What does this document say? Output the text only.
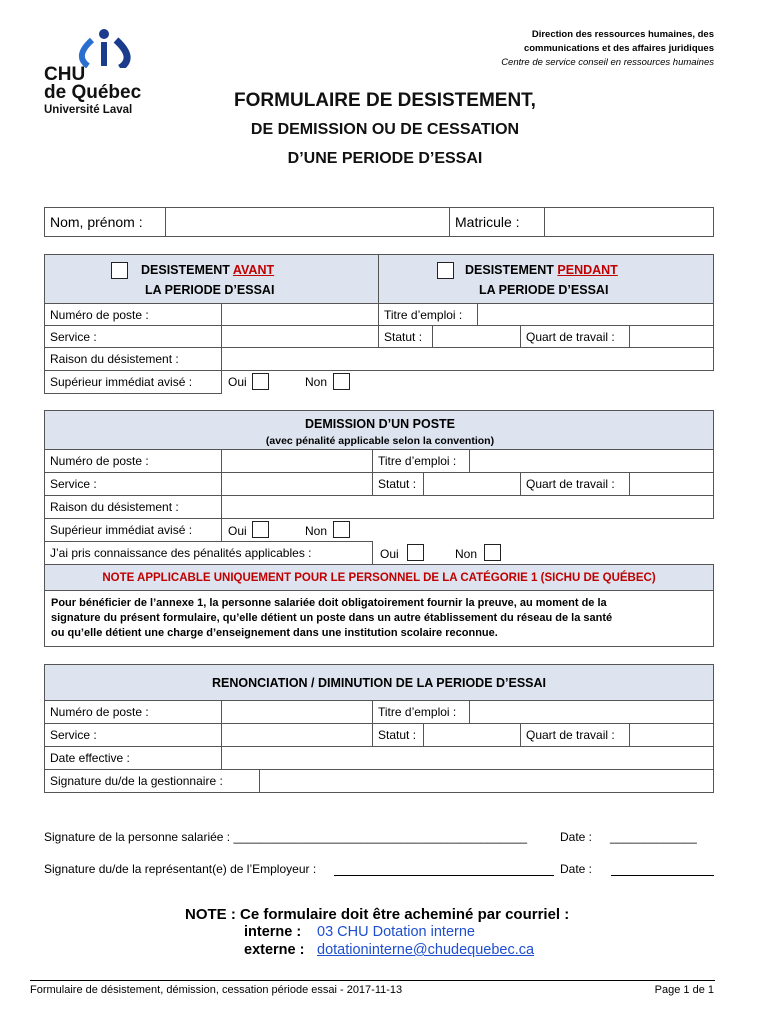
CHU
de Québec
Université Laval
Direction des ressources humaines, des
communications et des affaires juridiques
Centre de service conseil en ressources humaines
FORMULAIRE DE DESISTEMENT,
DE DEMISSION OU DE CESSATION
D’UNE PERIODE D’ESSAI
Nom, prénom :	Matricule :
DESISTEMENT AVANT
LA PERIODE D’ESSAI
DESISTEMENT PENDANT
LA PERIODE D’ESSAI
Numéro de poste :	Titre d’emploi :
Service :	Statut :	Quart de travail :
Raison du désistement :
Supérieur immédiat avisé :	Oui	Non
DEMISSION D’UN POSTE
(avec pénalité applicable selon la convention)
Numéro de poste :	Titre d’emploi :
Service :	Statut :	Quart de travail :
Raison du désistement :
Supérieur immédiat avisé :	Oui	Non
J’ai pris connaissance des pénalités applicables :	Oui	Non
NOTE APPLICABLE UNIQUEMENT POUR LE PERSONNEL DE LA CATÉGORIE 1 (SICHU DE QUÉBEC)
Pour bénéficier de l’annexe 1, la personne salariée doit obligatoirement fournir la preuve, au moment de la
signature du présent formulaire, qu’elle détient un poste dans un autre établissement du réseau de la santé
ou qu’elle détient une charge d’enseignement dans une institution scolaire reconnue.
RENONCIATION / DIMINUTION DE LA PERIODE D’ESSAI
Numéro de poste :	Titre d’emploi :
Service :	Statut :	Quart de travail :
Date effective :
Signature du/de la gestionnaire :
Signature de la personne salariée : ____________________________________________	Date : _____________
Signature du/de la représentant(e) de l’Employeur :	Date :
NOTE : Ce formulaire doit être acheminé par courriel :
interne : 03 CHU Dotation interne
externe : dotationinterne@chudequebec.ca
Formulaire de désistement, démission, cessation période essai - 2017-11-13	Page 1 de 1
